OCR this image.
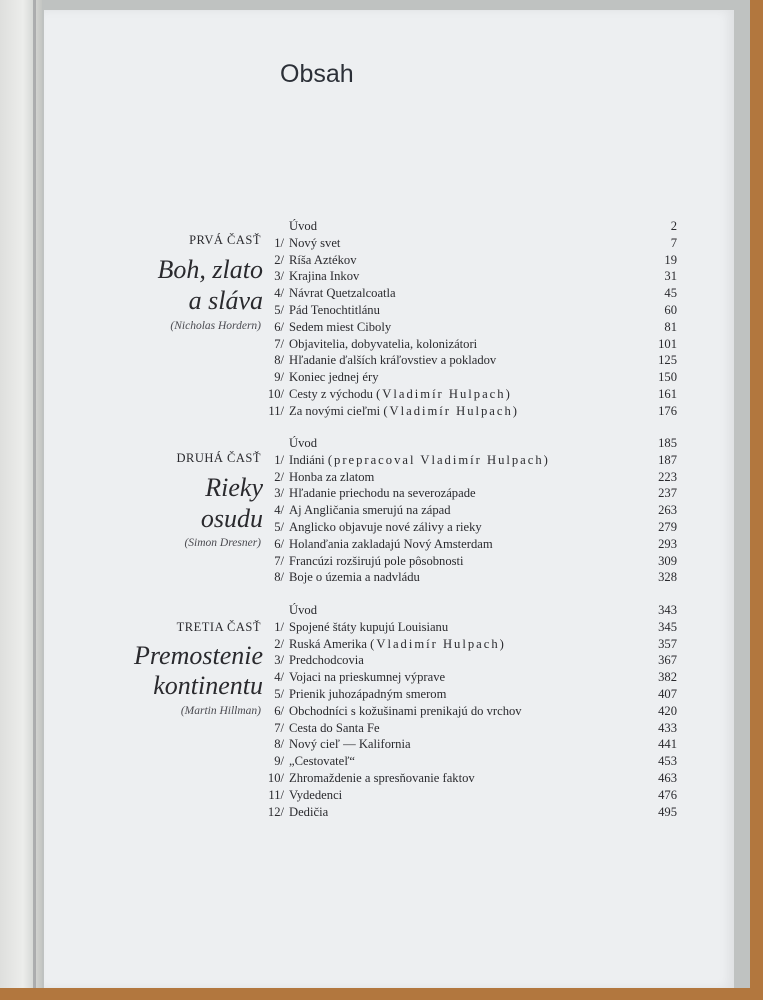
Obsah
PRVÁ ČASŤ
Boh, zlato
a sláva
(Nicholas Hordern)
DRUHÁ ČASŤ
Rieky
osudu
(Simon Dresner)
TRETIA ČASŤ
Premostenie
kontinentu
(Martin Hillman)
Úvod	2
1/ Nový svet	7
2/ Ríša Aztékov	19
3/ Krajina Inkov	31
4/ Návrat Quetzalcoatla	45
5/ Pád Tenochtitlánu	60
6/ Sedem miest Ciboly	81
7/ Objavitelia, dobyvatelia, kolonizátori	101
8/ Hľadanie ďalších kráľovstiev a pokladov	125
9/ Koniec jednej éry	150
10/ Cesty z východu (Vladimír Hulpach)	161
11/ Za novými cieľmi (Vladimír Hulpach)	176
Úvod	185
1/ Indiáni (prepracoval Vladimír Hulpach)	187
2/ Honba za zlatom	223
3/ Hľadanie priechodu na severozápade	237
4/ Aj Angličania smerujú na západ	263
5/ Anglicko objavuje nové zálivy a rieky	279
6/ Holanďania zakladajú Nový Amsterdam	293
7/ Francúzi rozširujú pole pôsobnosti	309
8/ Boje o územia a nadvládu	328
Úvod	343
1/ Spojené štáty kupujú Louisianu	345
2/ Ruská Amerika (Vladimír Hulpach)	357
3/ Predchodcovia	367
4/ Vojaci na prieskumnej výprave	382
5/ Prienik juhozápadným smerom	407
6/ Obchodníci s kožušinami prenikajú do vrchov	420
7/ Cesta do Santa Fe	433
8/ Nový cieľ — Kalifornia	441
9/ „Cestovateľ“	453
10/ Zhromaždenie a spresňovanie faktov	463
11/ Vydedenci	476
12/ Dedičia	495
